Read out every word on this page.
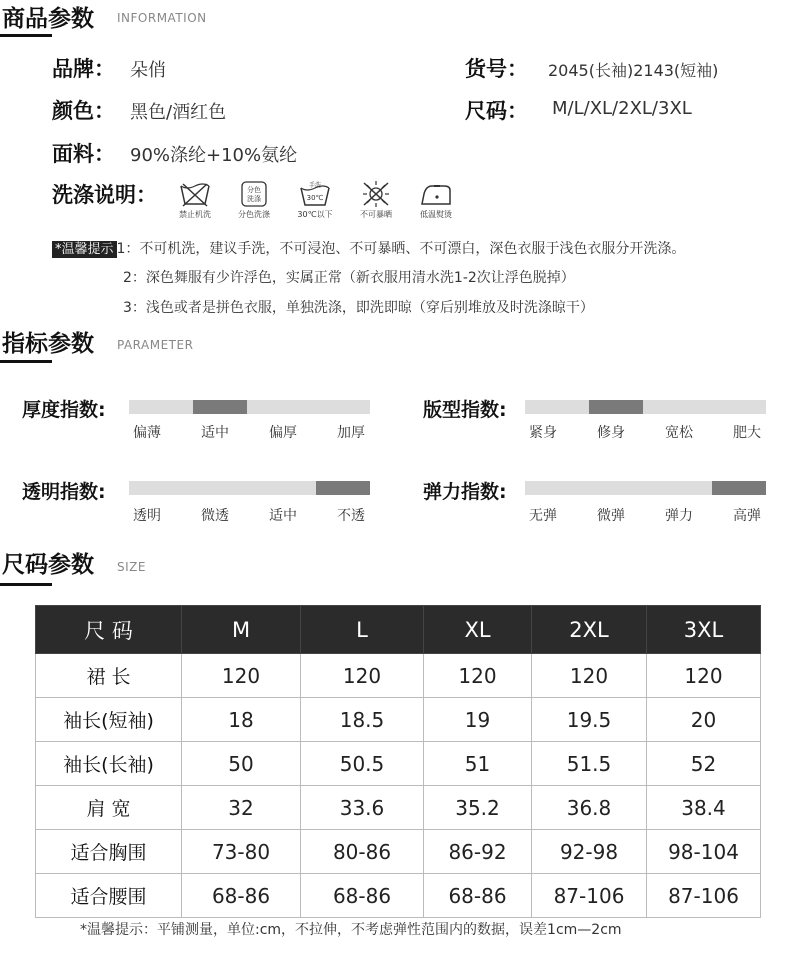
商品参数 INFORMATION
品牌： 朵俏	货号： 2045(长袖)2143(短袖)
颜色： 黑色/酒红色	尺码： M/L/XL/2XL/3XL
面料： 90%涤纶+10%氨纶
洗涤说明：
禁止机洗
分色
洗涤
分色洗涤
手洗
30℃
30℃以下	不可暴晒	低温熨烫
*温馨提示 1：不可机洗，建议手洗，不可浸泡、不可暴晒、不可漂白，深色衣服于浅色衣服分开洗涤。
2：深色舞服有少许浮色，实属正常（新衣服用清水洗1-2次让浮色脱掉）
3：浅色或者是拼色衣服，单独洗涤，即洗即晾（穿后别堆放及时洗涤晾干）
指标参数 PARAMETER
厚度指数:
偏薄	适中	偏厚	加厚
版型指数:
紧身	修身	宽松	肥大
透明指数:
透明	微透	适中	不透
弹力指数:
无弹	微弹	弹力	高弹
尺码参数 SIZE
尺 码	M	L	XL	2XL	3XL
裙 长	120	120	120	120	120
袖长(短袖)	18	18.5	19	19.5	20
袖长(长袖)	50	50.5	51	51.5	52
肩 宽	32	33.6	35.2	36.8	38.4
适合胸围	73-80	80-86	86-92	92-98	98-104
适合腰围	68-86	68-86	68-86	87-106	87-106
*温馨提示：平铺测量，单位:cm，不拉伸，不考虑弹性范围内的数据，误差1cm—2cm
